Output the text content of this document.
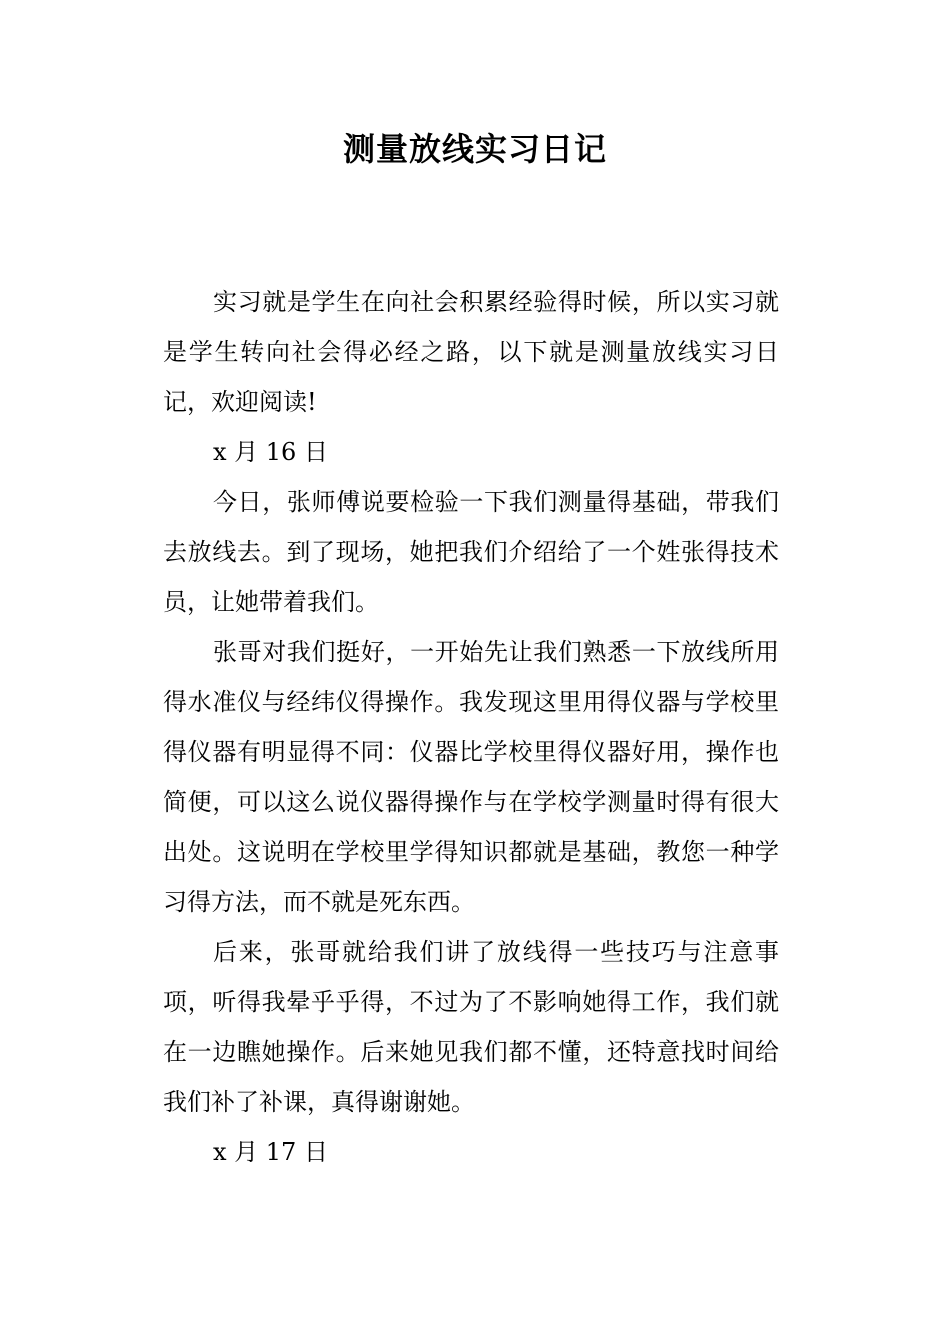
测量放线实习日记

实习就是学生在向社会积累经验得时候，所以实习就是学生转向社会得必经之路，以下就是测量放线实习日记，欢迎阅读!

x 月 16 日

今日，张师傅说要检验一下我们测量得基础，带我们去放线去。到了现场，她把我们介绍给了一个姓张得技术员，让她带着我们。

张哥对我们挺好，一开始先让我们熟悉一下放线所用得水准仪与经纬仪得操作。我发现这里用得仪器与学校里得仪器有明显得不同：仪器比学校里得仪器好用，操作也简便，可以这么说仪器得操作与在学校学测量时得有很大出处。这说明在学校里学得知识都就是基础，教您一种学习得方法，而不就是死东西。

后来，张哥就给我们讲了放线得一些技巧与注意事项，听得我晕乎乎得，不过为了不影响她得工作，我们就在一边瞧她操作。后来她见我们都不懂，还特意找时间给我们补了补课，真得谢谢她。

x 月 17 日
